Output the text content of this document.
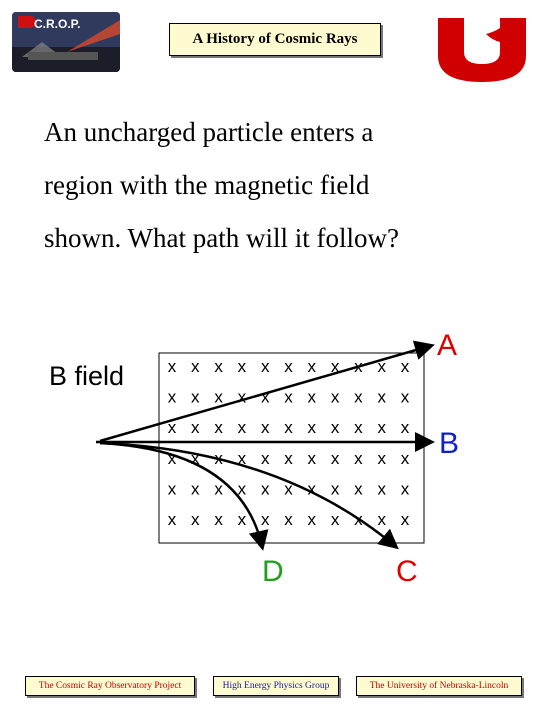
C.R.O.P.
A History of Cosmic Rays
An uncharged particle enters a
region with the magnetic field
shown. What path will it follow?
B field	x x x x x x x x x x
x x x x x x x x x x x
x x x x x x x x x x x
x x x x x x x x x x x
x x x x x x x x x x x
x x x x x x x x x x x
A
B
C
D
The Cosmic Ray Observatory Project	High Energy Physics Group	The University of Nebraska-Lincoln
